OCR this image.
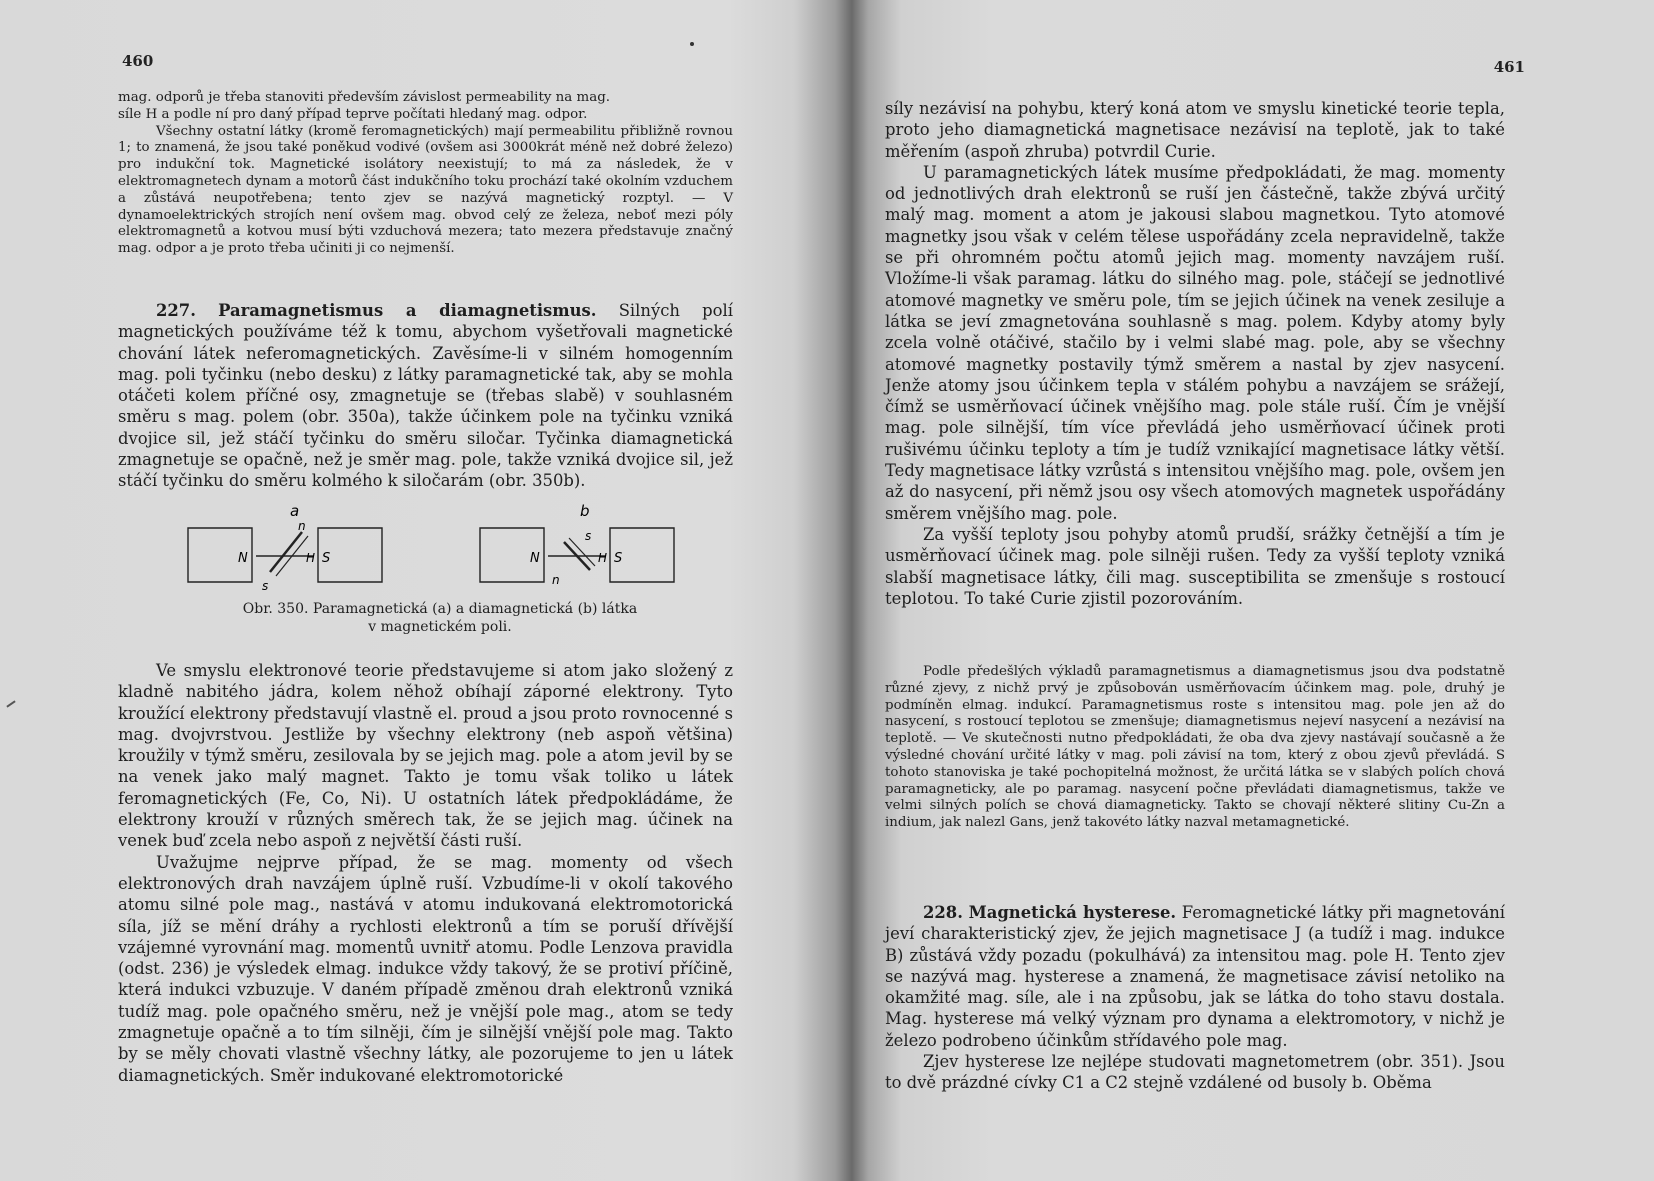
460

mag. odporů je třeba stanoviti především závislost permeability na mag.

síle H a podle ní pro daný případ teprve počítati hledaný mag. odpor.

Všechny ostatní látky (kromě feromagnetických) mají permeabilitu přibližně rovnou 1; to znamená, že jsou také poněkud vodivé (ovšem asi 3000krát méně než dobré železo) pro indukční tok. Magnetické isolátory neexistují; to má za následek, že v elektromagnetech dynam a motorů část indukčního toku prochází také okolním vzduchem a zůstává neupotřebena; tento zjev se nazývá magnetický rozptyl. — V dynamoelektrických strojích není ovšem mag. obvod celý ze železa, neboť mezi póly elektromagnetů a kotvou musí býti vzduchová mezera; tato mezera představuje značný mag. odpor a je proto třeba učiniti ji co nejmenší.

227. Paramagnetismus a diamagnetismus. Silných polí magnetických používáme též k tomu, abychom vyšetřovali magnetické chování látek neferomagnetických. Zavěsíme-li v silném homogenním mag. poli tyčinku (nebo desku) z látky paramagnetické tak, aby se mohla otáčeti kolem příčné osy, zmagnetuje se (třebas slabě) v souhlasném směru s mag. polem (obr. 350a), takže účinkem pole na tyčinku vzniká dvojice sil, jež stáčí tyčinku do směru siločar. Tyčinka diamagnetická zmagnetuje se opačně, než je směr mag. pole, takže vzniká dvojice sil, jež stáčí tyčinku do směru kolmého k siločarám (obr. 350b).

a	b
N	S
n
s
H	N	S
s
n
H
Obr. 350. Paramagnetická (a) a diamagnetická (b) látka
v magnetickém poli.

Ve smyslu elektronové teorie představujeme si atom jako složený z kladně nabitého jádra, kolem něhož obíhají záporné elektrony. Tyto kroužící elektrony představují vlastně el. proud a jsou proto rovnocenné s mag. dvojvrstvou. Jestliže by všechny elektrony (neb aspoň většina) kroužily v týmž směru, zesilovala by se jejich mag. pole a atom jevil by se na venek jako malý magnet. Takto je tomu však toliko u látek feromagnetických (Fe, Co, Ni). U ostatních látek předpokládáme, že elektrony krouží v různých směrech tak, že se jejich mag. účinek na venek buď zcela nebo aspoň z největší části ruší.

Uvažujme nejprve případ, že se mag. momenty od všech elektronových drah navzájem úplně ruší. Vzbudíme-li v okolí takového atomu silné pole mag., nastává v atomu indukovaná elektromotorická síla, jíž se mění dráhy a rychlosti elektronů a tím se poruší dřívější vzájemné vyrovnání mag. momentů uvnitř atomu. Podle Lenzova pravidla (odst. 236) je výsledek elmag. indukce vždy takový, že se protiví příčině, která indukci vzbuzuje. V daném případě změnou drah elektronů vzniká tudíž mag. pole opačného směru, než je vnější pole mag., atom se tedy zmagnetuje opačně a to tím silněji, čím je silnější vnější pole mag. Takto by se měly chovati vlastně všechny látky, ale pozorujeme to jen u látek diamagnetických. Směr indukované elektromotorické

461

síly nezávisí na pohybu, který koná atom ve smyslu kinetické teorie tepla, proto jeho diamagnetická magnetisace nezávisí na teplotě, jak to také měřením (aspoň zhruba) potvrdil Curie.

U paramagnetických látek musíme předpokládati, že mag. momenty od jednotlivých drah elektronů se ruší jen částečně, takže zbývá určitý malý mag. moment a atom je jakousi slabou magnetkou. Tyto atomové magnetky jsou však v celém tělese uspořádány zcela nepravidelně, takže se při ohromném počtu atomů jejich mag. momenty navzájem ruší. Vložíme-li však paramag. látku do silného mag. pole, stáčejí se jednotlivé atomové magnetky ve směru pole, tím se jejich účinek na venek zesiluje a látka se jeví zmagnetována souhlasně s mag. polem. Kdyby atomy byly zcela volně otáčivé, stačilo by i velmi slabé mag. pole, aby se všechny atomové magnetky postavily týmž směrem a nastal by zjev nasycení. Jenže atomy jsou účinkem tepla v stálém pohybu a navzájem se srážejí, čímž se usměrňovací účinek vnějšího mag. pole stále ruší. Čím je vnější mag. pole silnější, tím více převládá jeho usměrňovací účinek proti rušivému účinku teploty a tím je tudíž vznikající magnetisace látky větší. Tedy magnetisace látky vzrůstá s intensitou vnějšího mag. pole, ovšem jen až do nasycení, při němž jsou osy všech atomových magnetek uspořádány směrem vnějšího mag. pole.

Za vyšší teploty jsou pohyby atomů prudší, srážky četnější a tím je usměrňovací účinek mag. pole silněji rušen. Tedy za vyšší teploty vzniká slabší magnetisace látky, čili mag. susceptibilita se zmenšuje s rostoucí teplotou. To také Curie zjistil pozorováním.

Podle předešlých výkladů paramagnetismus a diamagnetismus jsou dva podstatně různé zjevy, z nichž prvý je způsobován usměrňovacím účinkem mag. pole, druhý je podmíněn elmag. indukcí. Paramagnetismus roste s intensitou mag. pole jen až do nasycení, s rostoucí teplotou se zmenšuje; diamagnetismus nejeví nasycení a nezávisí na teplotě. — Ve skutečnosti nutno předpokládati, že oba dva zjevy nastávají současně a že výsledné chování určité látky v mag. poli závisí na tom, který z obou zjevů převládá. S tohoto stanoviska je také pochopitelná možnost, že určitá látka se v slabých polích chová paramagneticky, ale po paramag. nasycení počne převládati diamagnetismus, takže ve velmi silných polích se chová diamagneticky. Takto se chovají některé slitiny Cu-Zn a indium, jak nalezl Gans, jenž takovéto látky nazval metamagnetické.

228. Magnetická hysterese. Feromagnetické látky při magnetování jeví charakteristický zjev, že jejich magnetisace J (a tudíž i mag. indukce B) zůstává vždy pozadu (pokulhává) za intensitou mag. pole H. Tento zjev se nazývá mag. hysterese a znamená, že magnetisace závisí netoliko na okamžité mag. síle, ale i na způsobu, jak se látka do toho stavu dostala. Mag. hysterese má velký význam pro dynama a elektromotory, v nichž je železo podrobeno účinkům střídavého pole mag.

Zjev hysterese lze nejlépe studovati magnetometrem (obr. 351). Jsou to dvě prázdné cívky C1 a C2 stejně vzdálené od busoly b. Oběma
